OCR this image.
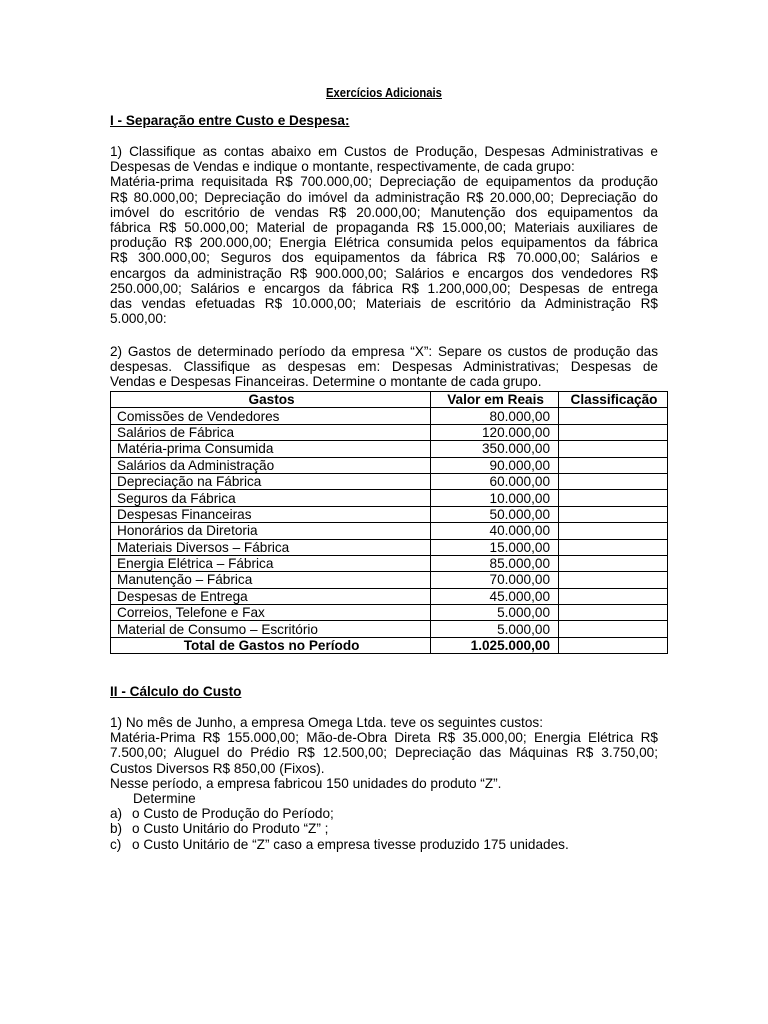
Exercícios Adicionais
I - Separação entre Custo e Despesa:
1) Classifique as contas abaixo em Custos de Produção, Despesas Administrativas e
Despesas de Vendas e indique o montante, respectivamente, de cada grupo:
Matéria-prima requisitada R$ 700.000,00; Depreciação de equipamentos da produção
R$ 80.000,00; Depreciação do imóvel da administração R$ 20.000,00; Depreciação do
imóvel do escritório de vendas R$ 20.000,00; Manutenção dos equipamentos da
fábrica R$ 50.000,00; Material de propaganda R$ 15.000,00; Materiais auxiliares de
produção R$ 200.000,00; Energia Elétrica consumida pelos equipamentos da fábrica
R$ 300.000,00; Seguros dos equipamentos da fábrica R$ 70.000,00; Salários e
encargos da administração R$ 900.000,00; Salários e encargos dos vendedores R$
250.000,00; Salários e encargos da fábrica R$ 1.200,000,00; Despesas de entrega
das vendas efetuadas R$ 10.000,00; Materiais de escritório da Administração R$
5.000,00:
2) Gastos de determinado período da empresa “X”: Separe os custos de produção das
despesas. Classifique as despesas em: Despesas Administrativas; Despesas de
Vendas e Despesas Financeiras. Determine o montante de cada grupo.
Gastos	Valor em Reais	Classificação
Comissões de Vendedores	80.000,00	
Salários de Fábrica	120.000,00	
Matéria-prima Consumida	350.000,00	
Salários da Administração	90.000,00	
Depreciação na Fábrica	60.000,00	
Seguros da Fábrica	10.000,00	
Despesas Financeiras	50.000,00	
Honorários da Diretoria	40.000,00	
Materiais Diversos – Fábrica	15.000,00	
Energia Elétrica – Fábrica	85.000,00	
Manutenção – Fábrica	70.000,00	
Despesas de Entrega	45.000,00	
Correios, Telefone e Fax	5.000,00	
Material de Consumo – Escritório	5.000,00	
Total de Gastos no Período	1.025.000,00	
II - Cálculo do Custo
1) No mês de Junho, a empresa Omega Ltda. teve os seguintes custos:
Matéria-Prima R$ 155.000,00; Mão-de-Obra Direta R$ 35.000,00; Energia Elétrica R$
7.500,00; Aluguel do Prédio R$ 12.500,00; Depreciação das Máquinas R$ 3.750,00;
Custos Diversos R$ 850,00 (Fixos).
Nesse período, a empresa fabricou 150 unidades do produto “Z”.
Determine
a) o Custo de Produção do Período;
b) o Custo Unitário do Produto “Z” ;
c) o Custo Unitário de “Z” caso a empresa tivesse produzido 175 unidades.
